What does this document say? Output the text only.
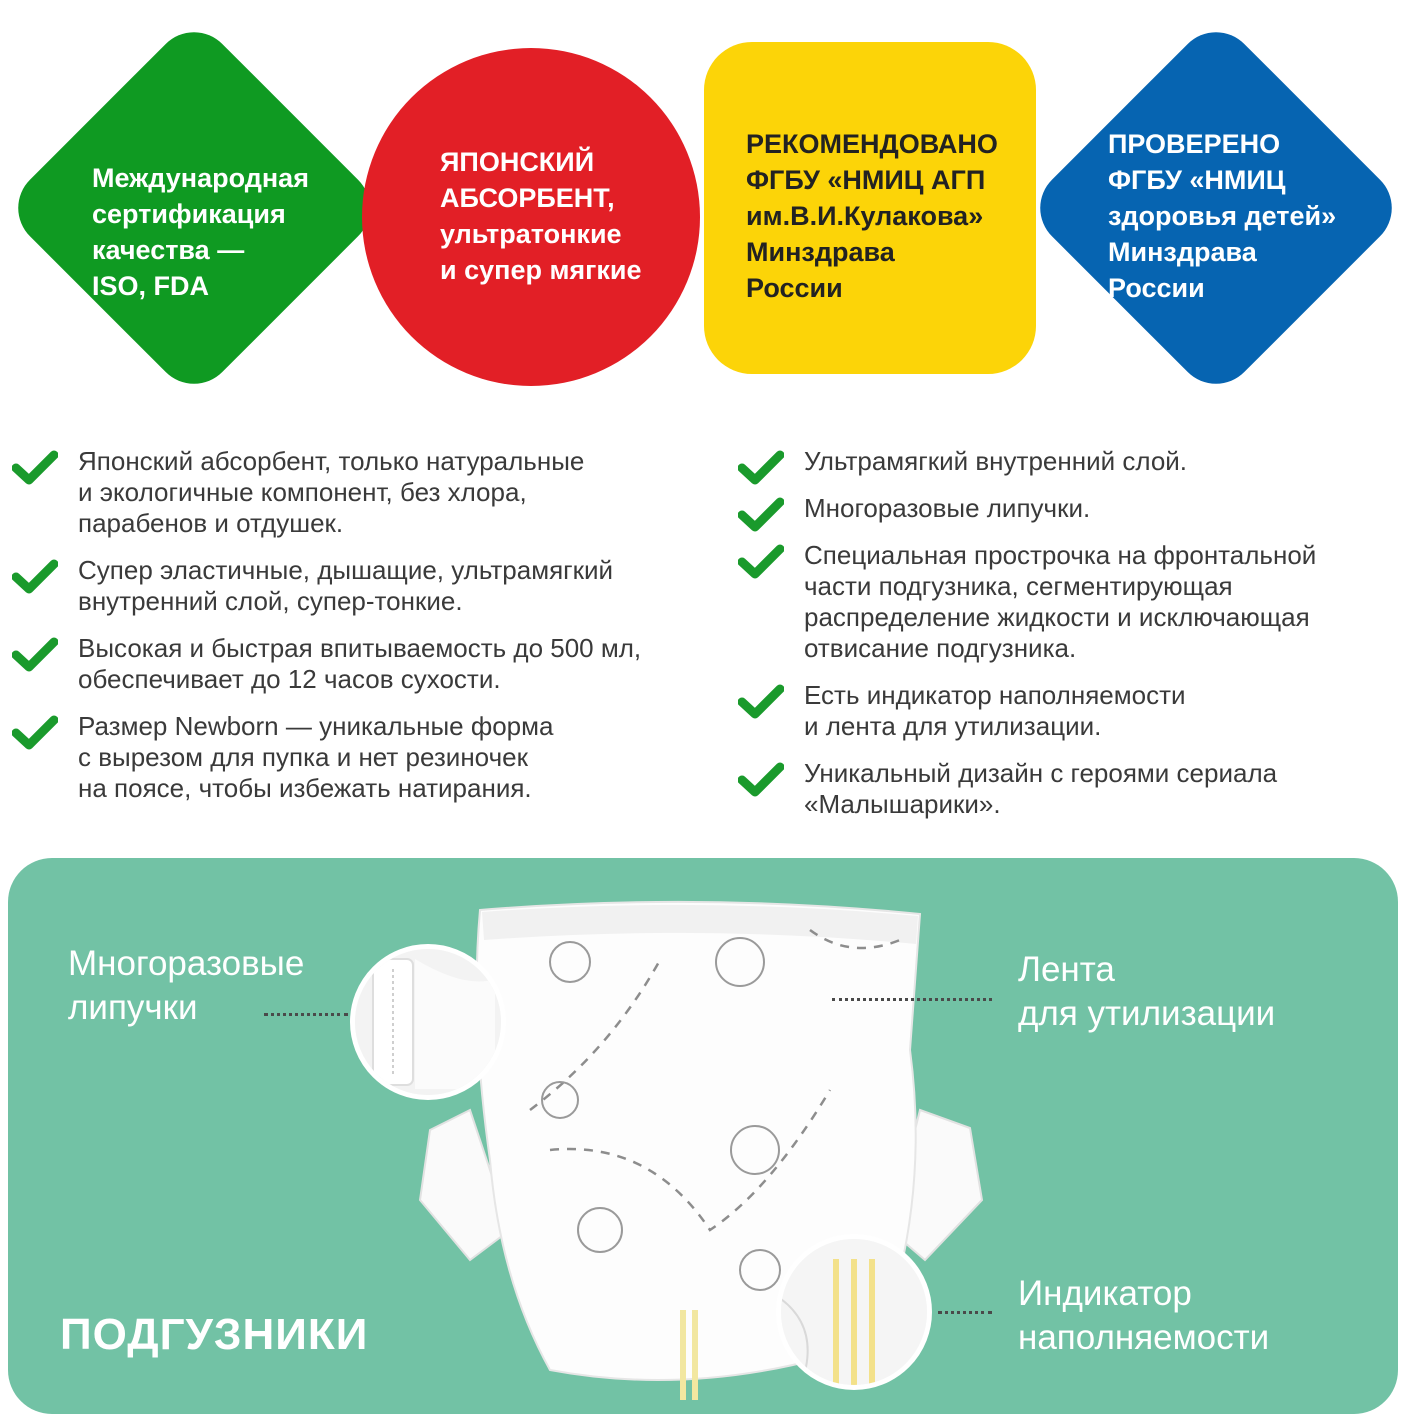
Международная
сертификация
качества —
ISO, FDA
ЯПОНСКИЙ
АБСОРБЕНТ,
ультратонкие
и супер мягкие
РЕКОМЕНДОВАНО
ФГБУ «НМИЦ АГП
им.В.И.Кулакова»
Минздрава
России
ПРОВЕРЕНО
ФГБУ «НМИЦ
здоровья детей»
Минздрава
России
Японский абсорбент, только натуральные
и экологичные компонент, без хлора,
парабенов и отдушек.
Супер эластичные, дышащие, ультрамягкий
внутренний слой, супер-тонкие.
Высокая и быстрая впитываемость до 500 мл,
обеспечивает до 12 часов сухости.
Размер Newborn — уникальные форма
с вырезом для пупка и нет резиночек
на поясе, чтобы избежать натирания.
Ультрамягкий внутренний слой.
Многоразовые липучки.
Специальная прострочка на фронтальной
части подгузника, сегментирующая
распределение жидкости и исключающая
отвисание подгузника.
Есть индикатор наполняемости
и лента для утилизации.
Уникальный дизайн с героями сериала
«Малышарики».
Многоразовые
липучки
Лента
для утилизации
Индикатор
наполняемости
ПОДГУЗНИКИ
